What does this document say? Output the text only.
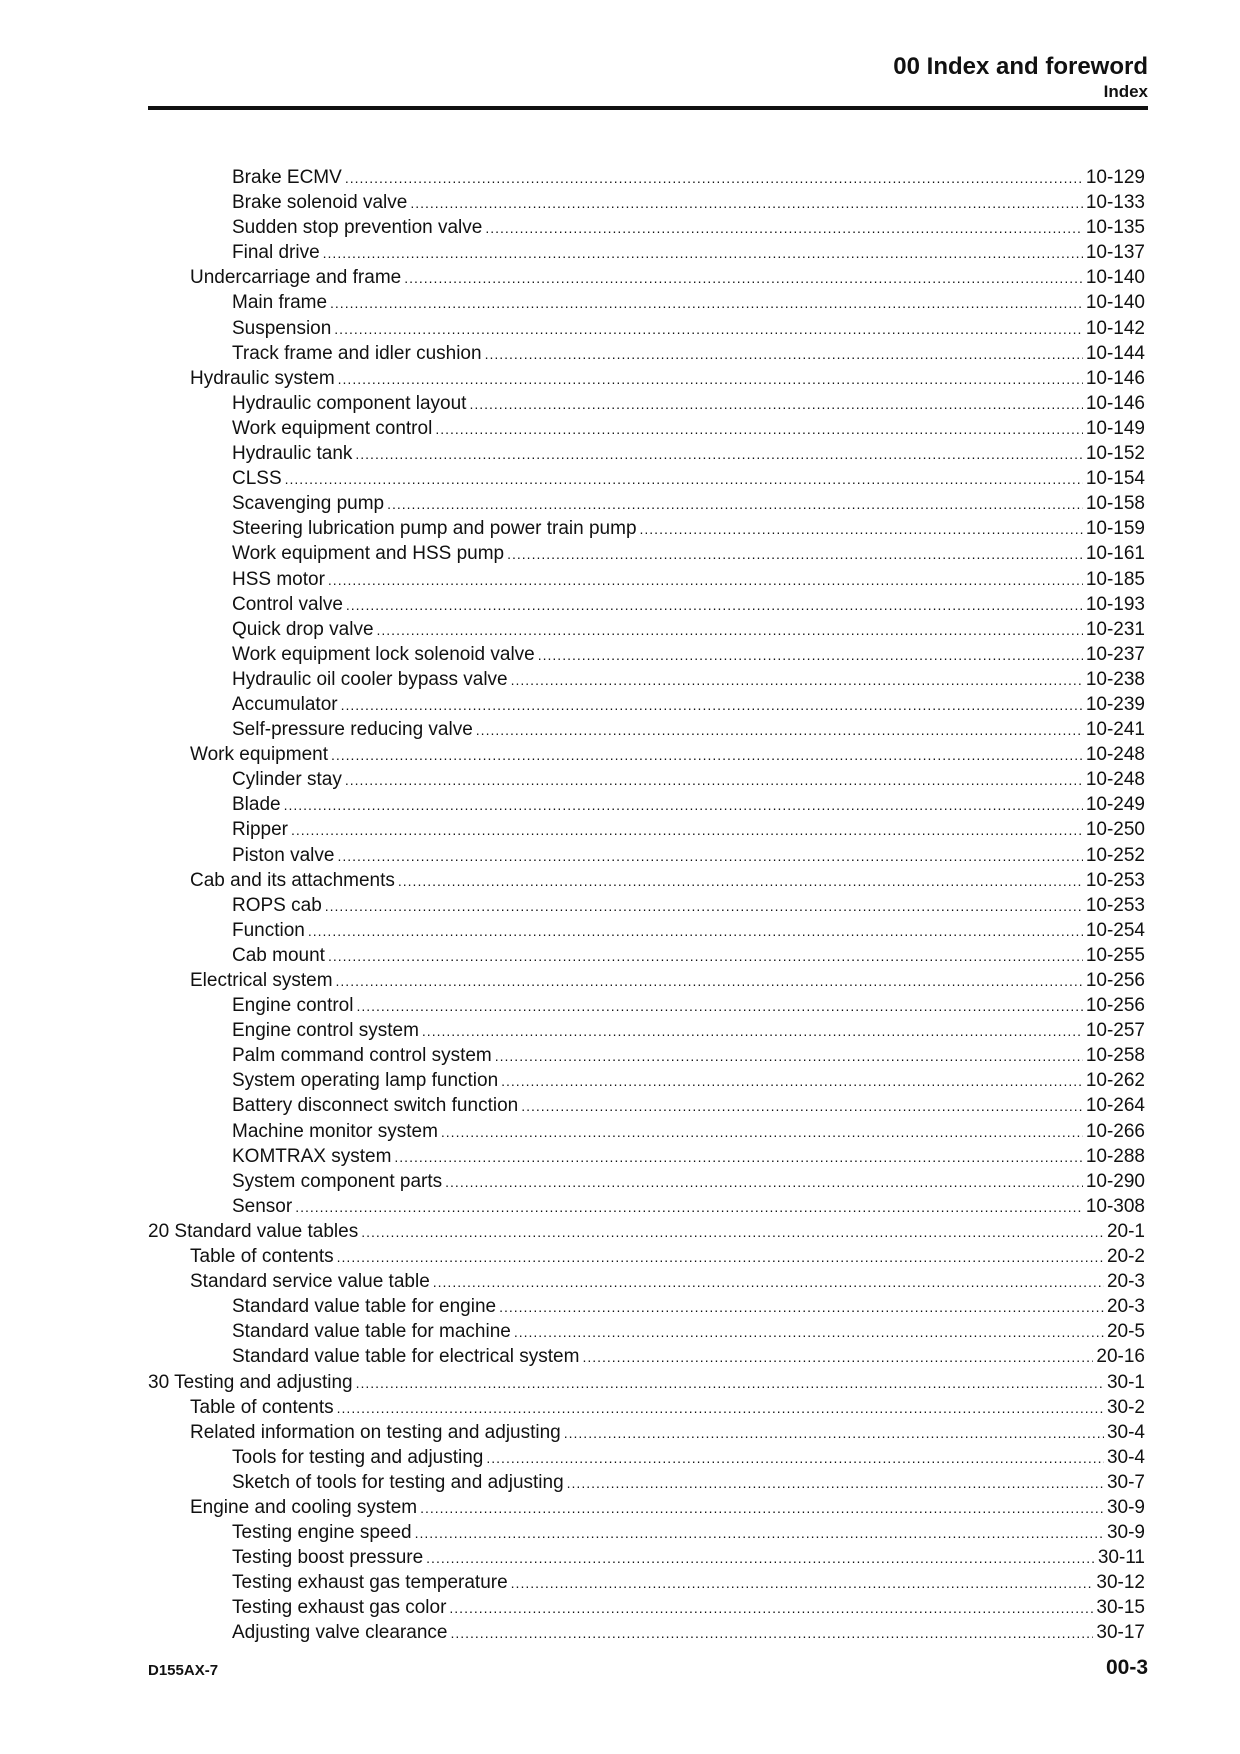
00 Index and foreword
Index
Brake ECMV .....	10-129
Brake solenoid valve .....	10-133
Sudden stop prevention valve .....	10-135
Final drive .....	10-137
Undercarriage and frame .....	10-140
Main frame .....	10-140
Suspension .....	10-142
Track frame and idler cushion .....	10-144
Hydraulic system .....	10-146
Hydraulic component layout .....	10-146
Work equipment control .....	10-149
Hydraulic tank .....	10-152
CLSS .....	10-154
Scavenging pump .....	10-158
Steering lubrication pump and power train pump .....	10-159
Work equipment and HSS pump .....	10-161
HSS motor .....	10-185
Control valve .....	10-193
Quick drop valve .....	10-231
Work equipment lock solenoid valve .....	10-237
Hydraulic oil cooler bypass valve .....	10-238
Accumulator .....	10-239
Self-pressure reducing valve .....	10-241
Work equipment .....	10-248
Cylinder stay .....	10-248
Blade .....	10-249
Ripper .....	10-250
Piston valve .....	10-252
Cab and its attachments .....	10-253
ROPS cab .....	10-253
Function .....	10-254
Cab mount .....	10-255
Electrical system .....	10-256
Engine control .....	10-256
Engine control system .....	10-257
Palm command control system .....	10-258
System operating lamp function .....	10-262
Battery disconnect switch function .....	10-264
Machine monitor system .....	10-266
KOMTRAX system .....	10-288
System component parts .....	10-290
Sensor .....	10-308
20 Standard value tables .....	20-1
Table of contents .....	20-2
Standard service value table .....	20-3
Standard value table for engine .....	20-3
Standard value table for machine .....	20-5
Standard value table for electrical system .....	20-16
30 Testing and adjusting .....	30-1
Table of contents .....	30-2
Related information on testing and adjusting .....	30-4
Tools for testing and adjusting .....	30-4
Sketch of tools for testing and adjusting .....	30-7
Engine and cooling system .....	30-9
Testing engine speed .....	30-9
Testing boost pressure .....	30-11
Testing exhaust gas temperature .....	30-12
Testing exhaust gas color .....	30-15
Adjusting valve clearance .....	30-17
D155AX-7	00-3
